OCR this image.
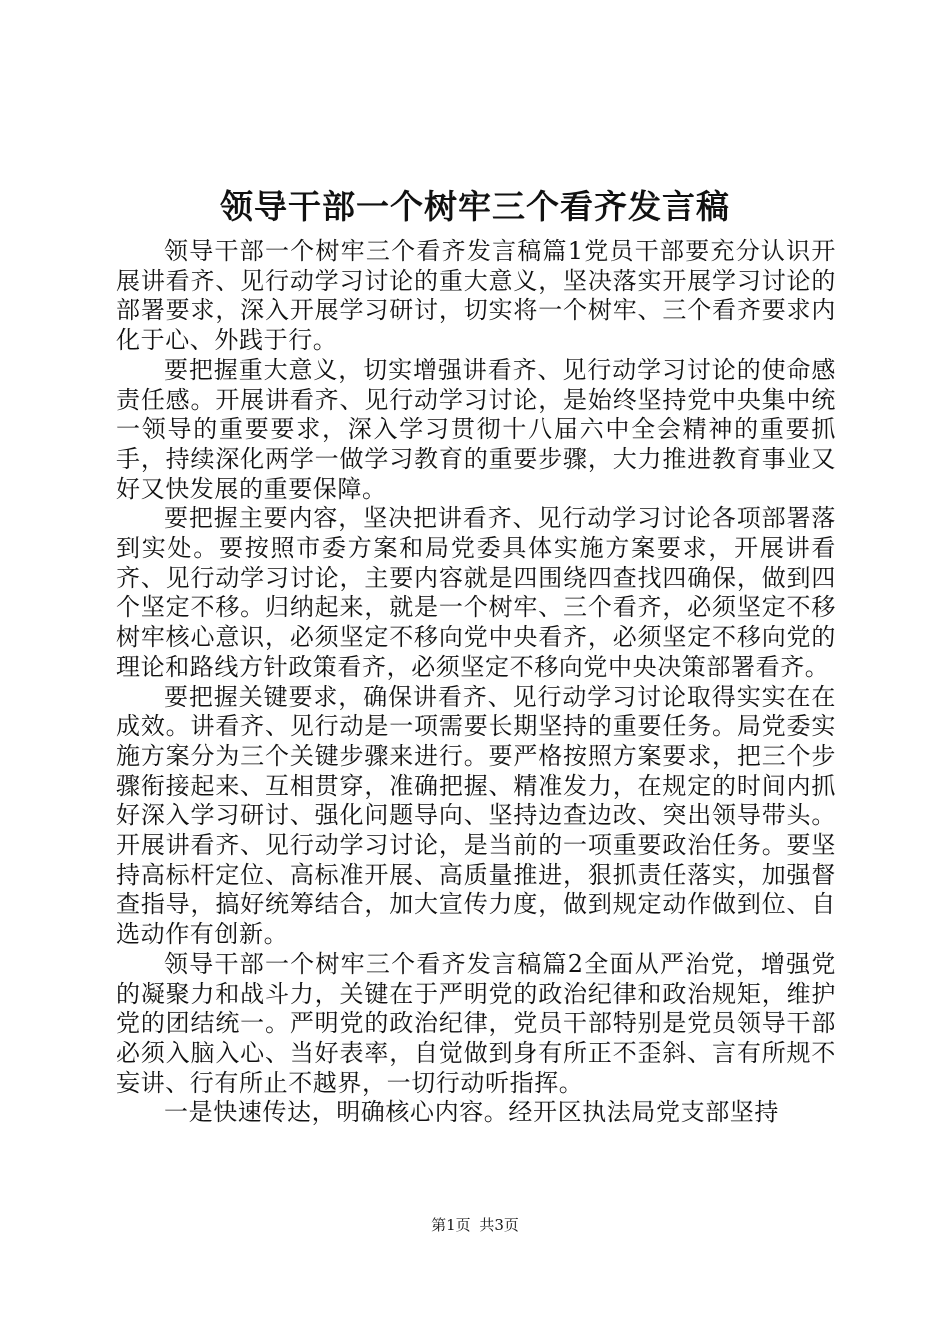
领导干部一个树牢三个看齐发言稿

领导干部一个树牢三个看齐发言稿篇1党员干部要充分认识开展讲看齐、见行动学习讨论的重大意义，坚决落实开展学习讨论的部署要求，深入开展学习研讨，切实将一个树牢、三个看齐要求内化于心、外践于行。

要把握重大意义，切实增强讲看齐、见行动学习讨论的使命感责任感。开展讲看齐、见行动学习讨论，是始终坚持党中央集中统一领导的重要要求，深入学习贯彻十八届六中全会精神的重要抓手，持续深化两学一做学习教育的重要步骤，大力推进教育事业又好又快发展的重要保障。

要把握主要内容，坚决把讲看齐、见行动学习讨论各项部署落到实处。要按照市委方案和局党委具体实施方案要求，开展讲看齐、见行动学习讨论，主要内容就是四围绕四查找四确保，做到四个坚定不移。归纳起来，就是一个树牢、三个看齐，必须坚定不移树牢核心意识，必须坚定不移向党中央看齐，必须坚定不移向党的理论和路线方针政策看齐，必须坚定不移向党中央决策部署看齐。

要把握关键要求，确保讲看齐、见行动学习讨论取得实实在在成效。讲看齐、见行动是一项需要长期坚持的重要任务。局党委实施方案分为三个关键步骤来进行。要严格按照方案要求，把三个步骤衔接起来、互相贯穿，准确把握、精准发力，在规定的时间内抓好深入学习研讨、强化问题导向、坚持边查边改、突出领导带头。开展讲看齐、见行动学习讨论，是当前的一项重要政治任务。要坚持高标杆定位、高标准开展、高质量推进，狠抓责任落实，加强督查指导，搞好统筹结合，加大宣传力度，做到规定动作做到位、自选动作有创新。

领导干部一个树牢三个看齐发言稿篇2全面从严治党，增强党的凝聚力和战斗力，关键在于严明党的政治纪律和政治规矩，维护党的团结统一。严明党的政治纪律，党员干部特别是党员领导干部必须入脑入心、当好表率，自觉做到身有所正不歪斜、言有所规不妄讲、行有所止不越界，一切行动听指挥。

一是快速传达，明确核心内容。经开区执法局党支部坚持

第1页 共3页
